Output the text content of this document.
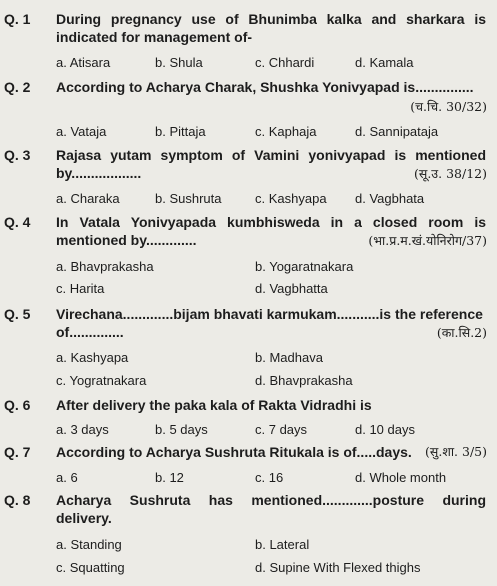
Q. 1 During pregnancy use of Bhunimba kalka and sharkara is
indicated for management of-
a. Atisara	b. Shula	c. Chhardi	d. Kamala
Q. 2 According to Acharya Charak, Shushka Yonivyapad is...............
(च.चि. 30/32)
a. Vataja	b. Pittaja	c. Kaphaja	d. Sannipataja
Q. 3 Rajasa yutam symptom of Vamini yonivyapad is mentioned
by..................	(सू.उ. 38/12)
a. Charaka	b. Sushruta	c. Kashyapa d. Vagbhata
Q. 4 In Vatala Yonivyapada kumbhisweda in a closed room is
mentioned by.............	(भा.प्र.म.खं.योनिरोग/37)
a. Bhavprakasha	b. Yogaratnakara
c. Harita	d. Vagbhatta
Q. 5 Virechana.............bijam bhavati karmukam...........is the reference
of..............	(का.सि.2)
a. Kashyapa	b. Madhava
c. Yogratnakara	d. Bhavprakasha
Q. 6 After delivery the paka kala of Rakta Vidradhi is
a. 3 days	b. 5 days	c. 7 days	d. 10 days
Q. 7 According to Acharya Sushruta Ritukala is of.....days.	(सु.शा. 3/5)
a. 6	b. 12	c. 16	d. Whole month
Q. 8 Acharya Sushruta has mentioned.............posture during
delivery.
a. Standing	b. Lateral
c. Squatting	d. Supine With Flexed thighs
